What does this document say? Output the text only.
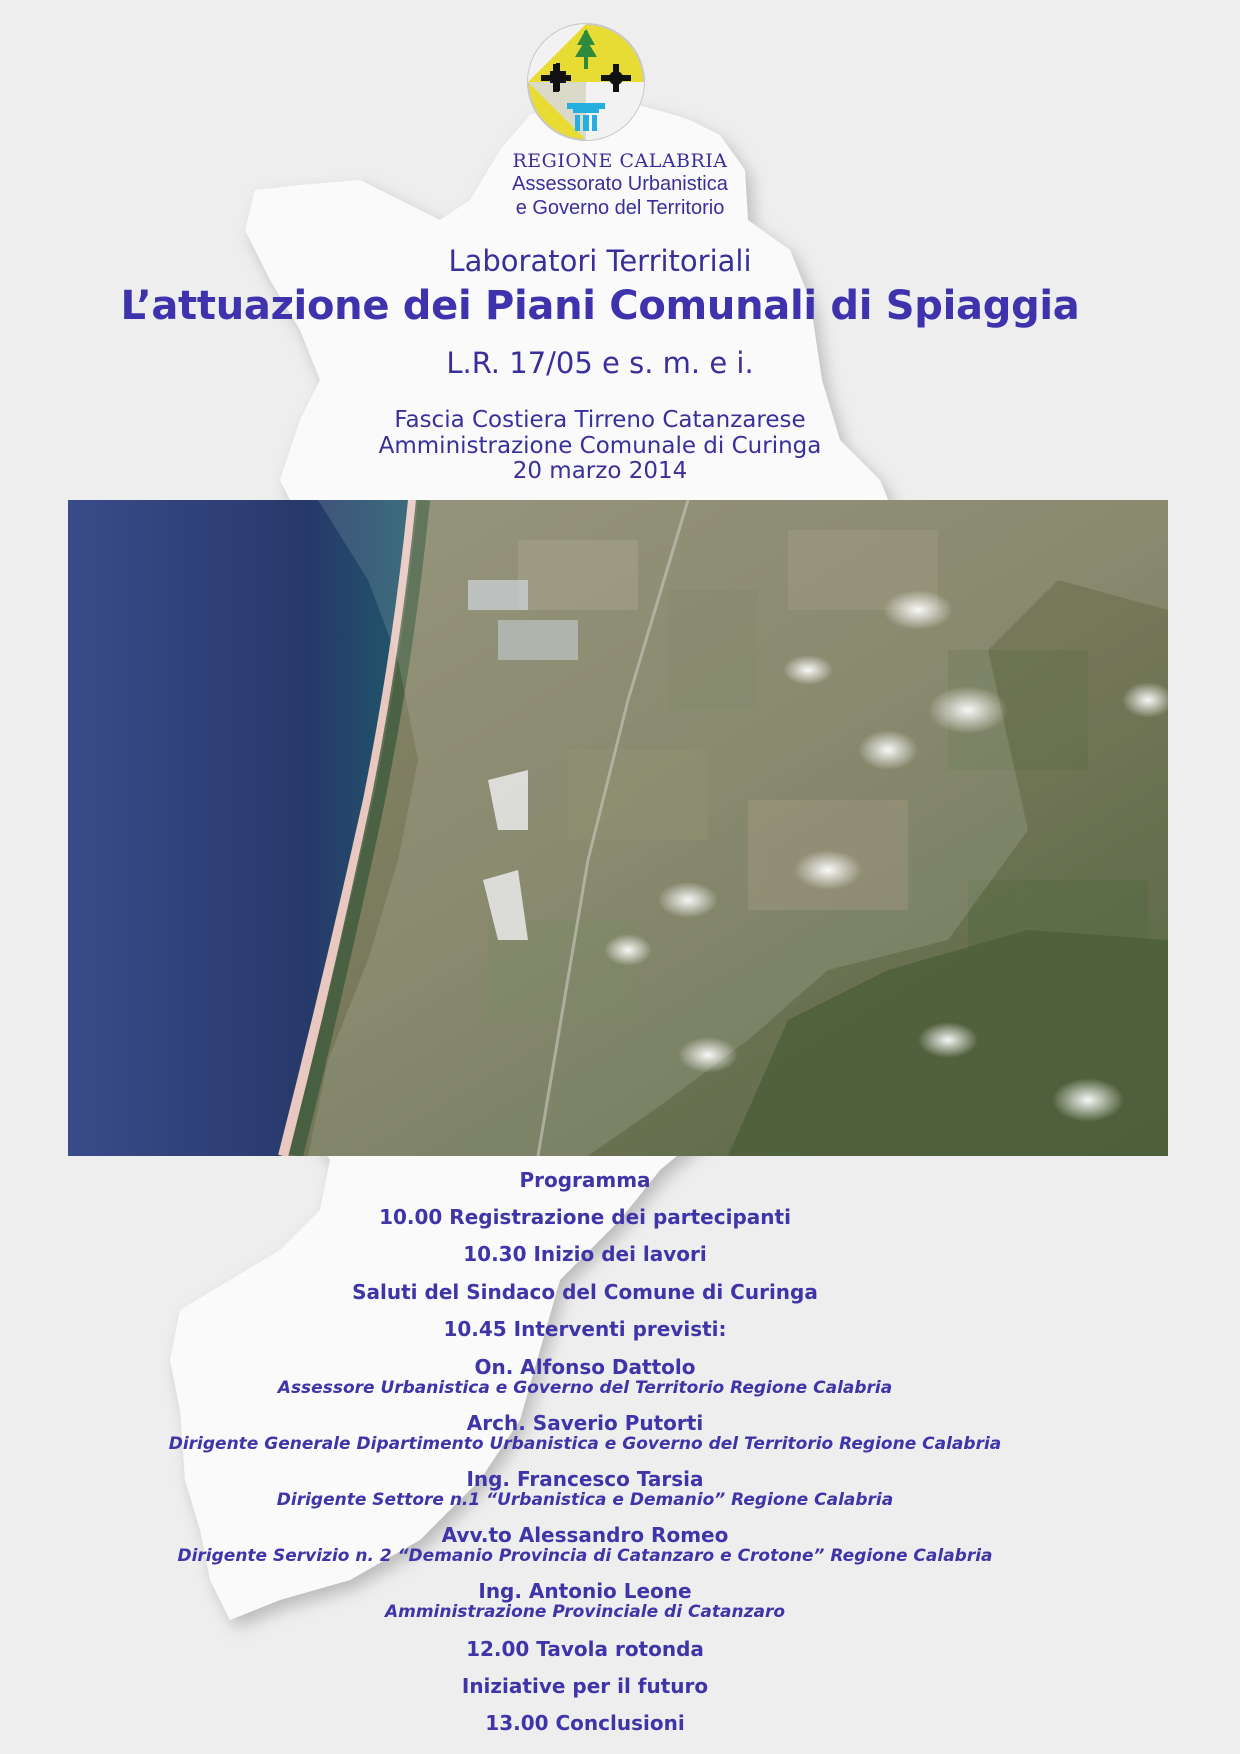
REGIONE CALABRIA
Assessorato Urbanistica
e Governo del Territorio
Laboratori Territoriali
L’attuazione dei Piani Comunali di Spiaggia
L.R. 17/05 e s. m. e i.
Fascia Costiera Tirreno Catanzarese
Amministrazione Comunale di Curinga
20 marzo 2014
Programma
10.00 Registrazione dei partecipanti
10.30 Inizio dei lavori
Saluti del Sindaco del Comune di Curinga
10.45 Interventi previsti:
On. Alfonso Dattolo
Assessore Urbanistica e Governo del Territorio Regione Calabria
Arch. Saverio Putorti
Dirigente Generale Dipartimento Urbanistica e Governo del Territorio Regione Calabria
Ing. Francesco Tarsia
Dirigente Settore n.1 “Urbanistica e Demanio” Regione Calabria
Avv.to Alessandro Romeo
Dirigente Servizio n. 2 “Demanio Provincia di Catanzaro e Crotone” Regione Calabria
Ing. Antonio Leone
Amministrazione Provinciale di Catanzaro
12.00 Tavola rotonda
Iniziative per il futuro
13.00 Conclusioni
